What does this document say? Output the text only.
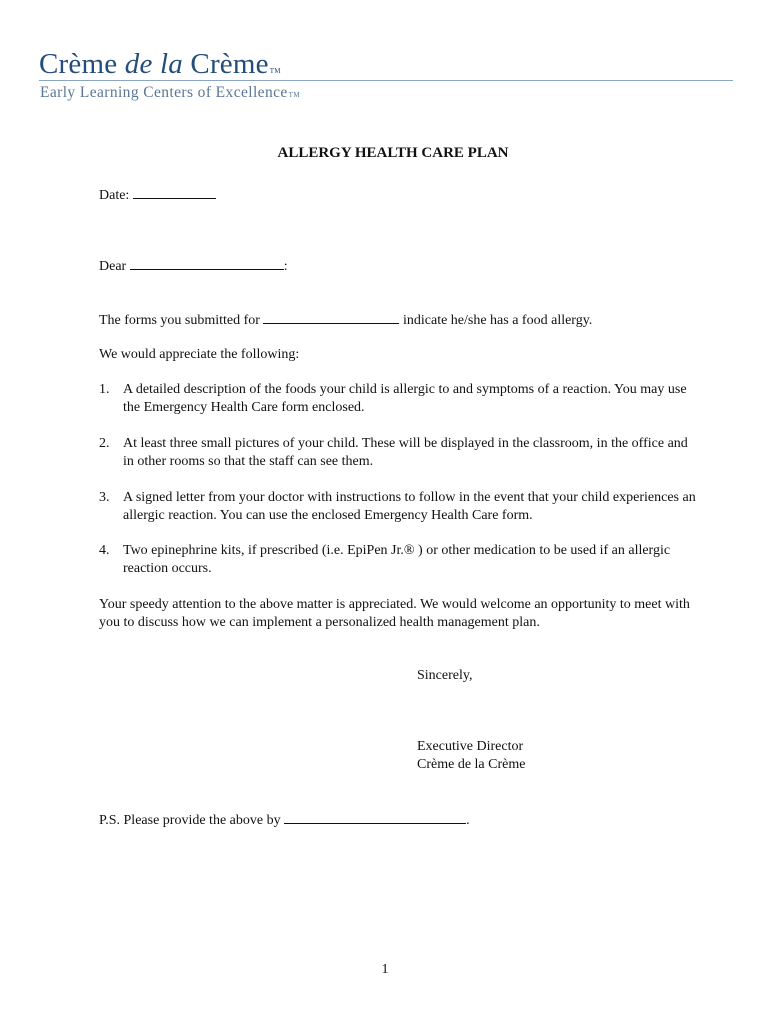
Crème de la CrèmeTM
Early Learning Centers of ExcellenceTM
ALLERGY HEALTH CARE PLAN
Date:
Dear	:
The forms you submitted for	indicate he/she has a food allergy.
We would appreciate the following:
1. A detailed description of the foods your child is allergic to and symptoms of a reaction. You may use the Emergency Health Care form enclosed.
2. At least three small pictures of your child. These will be displayed in the classroom, in the office and in other rooms so that the staff can see them.
3. A signed letter from your doctor with instructions to follow in the event that your child experiences an allergic reaction. You can use the enclosed Emergency Health Care form.
4. Two epinephrine kits, if prescribed (i.e. EpiPen Jr.® ) or other medication to be used if an allergic reaction occurs.
Your speedy attention to the above matter is appreciated. We would welcome an opportunity to meet with you to discuss how we can implement a personalized health management plan.
Sincerely,
Executive Director
Crème de la Crème
P.S. Please provide the above by	.
1
